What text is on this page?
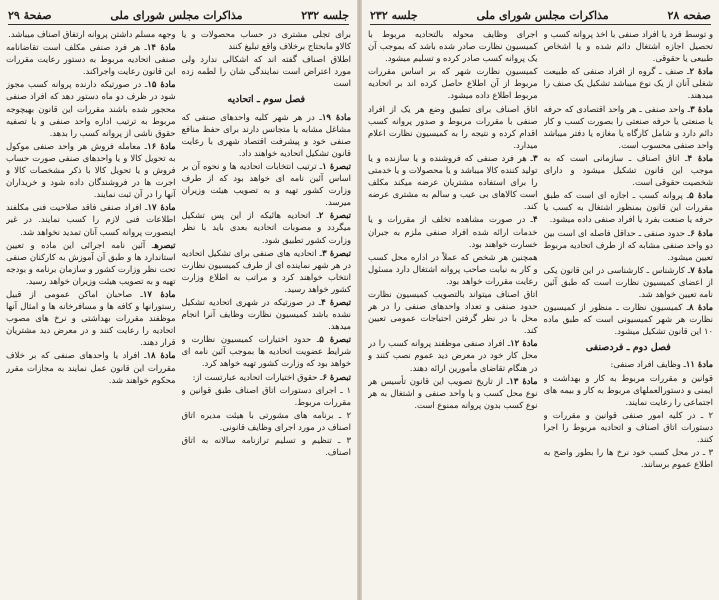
جلسه ۲۳۲
مذاکرات مجلس شورای ملی
صفحهٔ ۲۹

برای تجلی مشتری در حساب محصولات و یا کالاو مابحتاج برخلاف واقع تبلیغ کنند

اطلاق اصناف گفته اند که اشکالی ندارد ولی مورد اعتراض است نمایندگی شان را لطمه زده است

فصل سوم ـ اتحادیه

مادهٔ ۱۹ـ در هر شهر کلیه واحدهای صنفی که مشاغل مشابه یا متجانس دارند برای حفظ منافع صنفی خود و پیشرفت اقتصاد شهری با رعایت قانون تشکیل اتحادیه خواهند داد.

تبصرهٔ ۱ـ ترتیب انتخابات اتحادیه ها و نحوه آن بر اساس آئین نامه ای خواهد بود که از طرف وزارت کشور تهیه و به تصویب هیئت وزیران میرسد.

تبصرهٔ ۲ـ اتحادیه هائیکه از این پس تشکیل میگردد و مصوبات اتحادیه بعدی باید با نظر وزارت کشور تطبیق شود.

تبصرهٔ ۳ـ اتحادیه های صنفی برای تشکیل اتحادیه در هر شهر نماینده ای از طرف کمیسیون نظارت انتخاب خواهند کرد و مراتب به اطلاع وزارت کشور خواهد رسید.

تبصرهٔ ۴ـ در صورتیکه در شهری اتحادیه تشکیل نشده باشد کمیسیون نظارت وظایف آنرا انجام میدهد.

تبصرهٔ ۵ـ حدود اختیارات کمیسیون نظارت و شرایط عضویت اتحادیه ها بموجب آئین نامه ای خواهد بود که وزارت کشور تهیه خواهد کرد.

تبصرهٔ ۶ـ حقوق اختیارات اتحادیه عبارتست از:

۱ ـ اجرای دستورات اتاق اصناف طبق قوانین و مقررات مربوط.

۲ ـ برنامه های مشورتی با هیئت مدیره اتاق اصناف در مورد اجرای وظایف قانونی.

۳ ـ تنظیم و تسلیم ترازنامه سالانه به اتاق اصناف.

وجهه مسلم داشتن پروانه ارتفاق اصناف میباشد.

مادهٔ ۱۴ـ هر فرد صنفی مکلف است تقاضانامه صنفی اتحادیه مربوط به دستور رعایت مقررات این قانون رعایت واجراکند.

مادهٔ ۱۵ـ در صورتیکه دارنده پروانه کسب مجوز شود در ظرف دو ماه دستور دهد که افراد صنفی محجور شده باشند مقررات این قانون بهیچوجه مربوط به ترتیب اداره واحد صنفی و یا تصفیه حقوق ناشی از پروانه کسب را بدهد.

مادهٔ ۱۶ـ معامله فروش هر واحد صنفی موکول به تحویل کالا و یا واحدهای صنفی صورت حساب فروش و یا تحویل کالا با ذکر مشخصات کالا و اجرت ها در فروشندگان داده شود و خریداران آنها را در آن ثبت نمایند.

مادهٔ ۱۷ـ افراد صنفی فاقد صلاحیت فنی مکلفند اطلاعات فنی لازم را کسب نمایند. در غیر اینصورت پروانه کسب آنان تمدید نخواهد شد.

تبصرهـ آئین نامه اجرائی این ماده و تعیین استاندارد ها و طبق آن آموزش به کارکنان صنفی تحت نظر وزارت کشور و سازمان برنامه و بودجه تهیه و به تصویب هیئت وزیران خواهد رسید.

مادهٔ ۱۷ـ صاحبان اماکن عمومی از قبیل رستورانها و کافه ها و مسافرخانه ها و امثال آنها موظفند مقررات بهداشتی و نرخ های مصوب اتحادیه را رعایت کنند و در معرض دید مشتریان قرار دهند.

مادهٔ ۱۸ـ افراد یا واحدهای صنفی که بر خلاف مقررات این قانون عمل نمایند به مجازات مقرر محکوم خواهند شد.

صفحه ۲۸
مذاکرات مجلس شورای ملی
جلسه ۲۳۲

و توسط فرد یا افراد صنفی با اخذ پروانه کسب و تحصیل اجازه اشتغال دائم شده و یا اشخاص طبیعی یا حقوقی.

مادهٔ ۲ـ صنف ـ گروه از افراد صنفی که طبیعت شغلی آنان از یک نوع میباشد تشکیل یک صنف را میدهند.

مادهٔ ۳ـ واحد صنفی ـ هر واحد اقتصادی که حرفه یا صنعتی یا حرفه صنعتی را بصورت کسب و کار دائم دارد و شامل کارگاه یا مغازه یا دفتر میباشد واحد صنفی محسوب است.

مادهٔ ۴ـ اتاق اصناف ـ سازمانی است که به موجب این قانون تشکیل میشود و دارای شخصیت حقوقی است.

مادهٔ ۵ـ پروانه کسب ـ اجازه ای است که طبق مقررات این قانون بمنظور اشتغال به کسب یا حرفه یا صنعت بفرد یا افراد صنفی داده میشود.

مادهٔ ۶ـ حدود صنفی ـ حداقل فاصله ای است بین دو واحد صنفی مشابه که از طرف اتحادیه مربوط تعیین میشود.

مادهٔ ۷ـ کارشناس ـ کارشناسی در این قانون یکی از اعضای کمیسیون نظارت است که طبق آئین نامه تعیین خواهد شد.

مادهٔ ۸ـ کمیسیون نظارت ـ منظور از کمیسیون نظارت هر شهر کمیسیونی است که طبق ماده ۱۰ این قانون تشکیل میشود.

فصل دوم ـ فردصنفی

مادهٔ ۱۱ـ وظایف افراد صنفی:

قوانین و مقررات مربوط به کار و بهداشت و ایمنی و دستورالعملهای مربوط به کار و بیمه های اجتماعی را رعایت نمایند.

۲ ـ در کلیه امور صنفی قوانین و مقررات و دستورات اتاق اصناف و اتحادیه مربوط را اجرا کنند.

۳ ـ در محل کسب خود نرخ ها را بطور واضح به اطلاع عموم برسانند.

اجرای وظایف محوله بالتحادیه مربوط با کمیسیون نظارت صادر شده باشد که بموجب آن یک پروانه کسب صادر کرده و تسلیم میشود.

کمیسیون نظارت شهر که بر اساس مقررات مربوط از آن اطلاع حاصل کرده اند بر اتحادیه مربوط اطلاع داده میشود.

اتاق اصناف برای تطبیق وضع هر یک از افراد صنفی با مقررات مربوط و صدور پروانه کسب اقدام کرده و نتیجه را به کمیسیون نظارت اعلام میدارد.

۳ـ هر فرد صنفی که فروشنده و یا سازنده و یا تولید کننده کالا میباشد و یا محصولات و یا خدمتی را برای استفاده مشتریان عرضه میکند مکلف است کالاهای بی عیب و سالم به مشتری عرضه کند.

۴ـ در صورت مشاهده تخلف از مقررات و یا خدمات ارائه شده افراد صنفی ملزم به جبران خسارت خواهند بود.

همچنین هر شخص که عملاً در اداره محل کسب و کار به نیابت صاحب پروانه اشتغال دارد مسئول رعایت مقررات خواهد بود.

اتاق اصناف میتواند بالتصویب کمیسیون نظارت حدود صنفی و تعداد واحدهای صنفی را در هر محل با در نظر گرفتن احتیاجات عمومی تعیین کند.

مادهٔ ۱۲ـ افراد صنفی موظفند پروانه کسب را در محل کار خود در معرض دید عموم نصب کنند و در هنگام تقاضای مأمورین ارائه دهند.

مادهٔ ۱۳ـ از تاریخ تصویب این قانون تأسیس هر نوع محل کسب و یا واحد صنفی و اشتغال به هر نوع کسب بدون پروانه ممنوع است.
